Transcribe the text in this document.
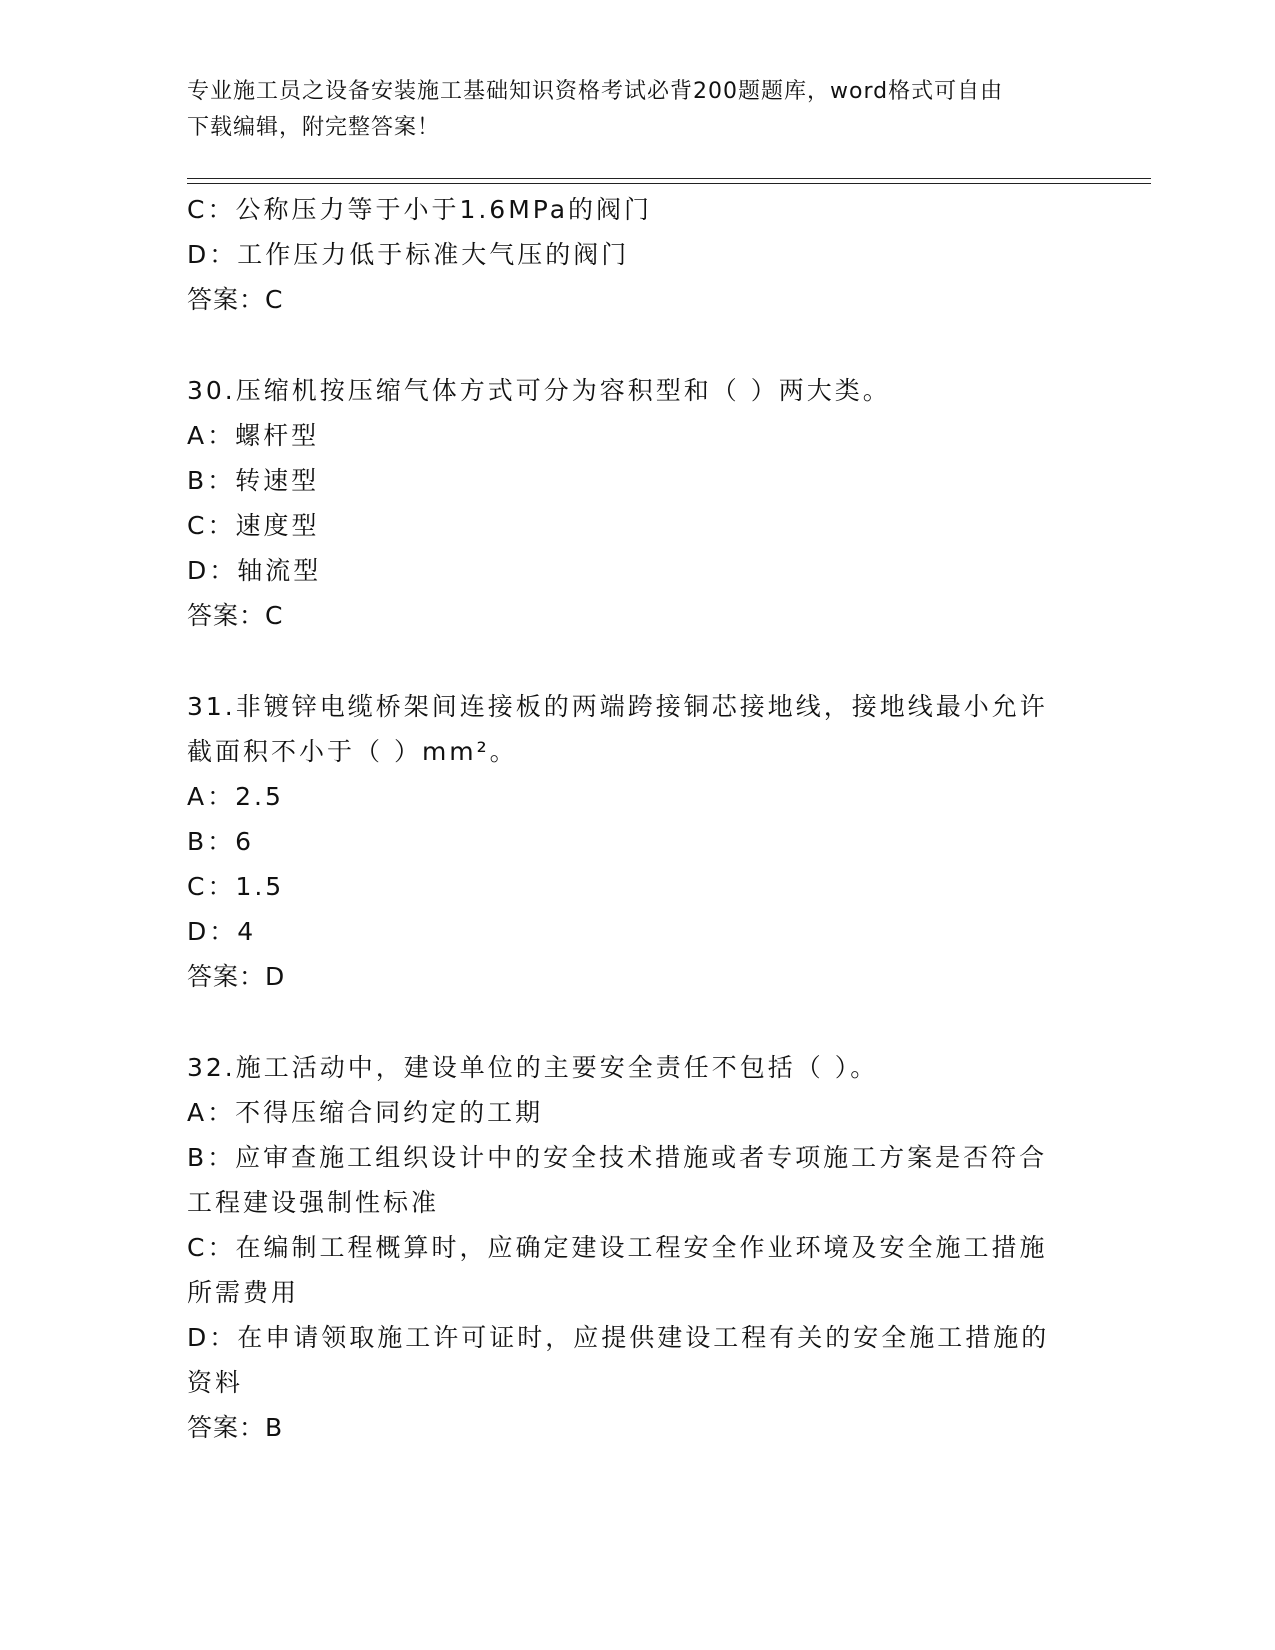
专业施工员之设备安装施工基础知识资格考试必背200题题库，word格式可自由
下载编辑，附完整答案！
C：公称压力等于小于1.6MPa的阀门
D：工作压力低于标准大气压的阀门
答案：C
30.压缩机按压缩气体方式可分为容积型和（ ）两大类。
A：螺杆型
B：转速型
C：速度型
D：轴流型
答案：C
31.非镀锌电缆桥架间连接板的两端跨接铜芯接地线，接地线最小允许
截面积不小于（ ）mm²。
A：2.5
B：6
C：1.5
D：4
答案：D
32.施工活动中，建设单位的主要安全责任不包括（ ）。
A：不得压缩合同约定的工期
B：应审查施工组织设计中的安全技术措施或者专项施工方案是否符合
工程建设强制性标准
C：在编制工程概算时，应确定建设工程安全作业环境及安全施工措施
所需费用
D：在申请领取施工许可证时，应提供建设工程有关的安全施工措施的
资料
答案：B
